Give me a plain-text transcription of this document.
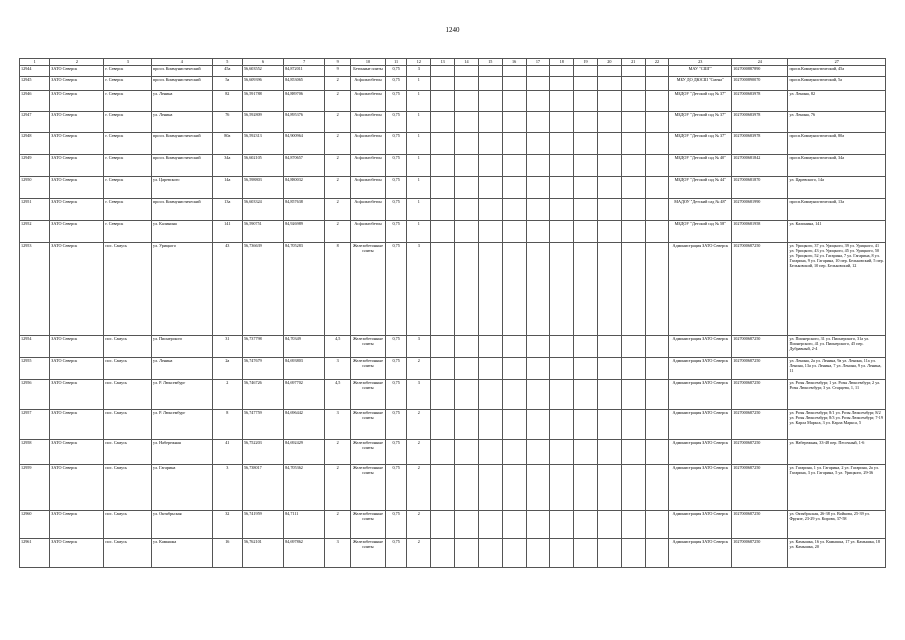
1240
1	2	3	4	5	6	7	9	10	11	12	13	14	15	16	17	18	19	20	21	22	23	24	27
12944	ЗАТО Северск	г. Северск	просп. Коммунистический	45а	56,603552	84,872011	9	Бетонные плиты	0,75	3											МАУ "СШГ"	1027000887890	просп.Коммунистический, 45а
12945	ЗАТО Северск	г. Северск	просп. Коммунистический	5а	56,609396	84,853065	2	Асфальтобетон	0,75	1											МБУ ДО ДЮСШ "Смена"	1027000890070	просп.Коммунистический, 5а
12946	ЗАТО Северск	г. Северск	ул. Ленина	82	56,591788	84,889706	2	Асфальтобетон	0,75	1											МБДОУ "Детский сад № 37"	1027000683978	ул. Ленина, 82
12947	ЗАТО Северск	г. Северск	ул. Ленина	76	56,592809	84,895376	2	Асфальтобетон	0,75	1											МБДОУ "Детский сад № 37"	1027000683978	ул. Ленина, 76
12948	ЗАТО Северск	г. Северск	просп. Коммунистический	80а	56,592313	84,900964	2	Асфальтобетон	0,75	1											МБДОУ "Детский сад № 37"	1027000683978	просп.Коммунистический, 80а
12949	ЗАТО Северск	г. Северск	просп. Коммунистический	34а	56,602105	84,870657	2	Асфальтобетон	0,75	1											МБДОУ "Детский сад № 40"	1027000681842	просп.Коммунистический, 34а
12950	ЗАТО Северск	г. Северск	ул. Царевского	14а	56,598803	84,880032	2	Асфальтобетон	0,75	1											МБДОУ "Детский сад № 44"	1027000681870	ул. Царевского, 14а
12951	ЗАТО Северск	г. Северск	просп. Коммунистический	13а	56,603324	84,857638	2	Асфальтобетон	0,75	1											МАДОУ "Детский сад № 48"	1027000681990	просп.Коммунистический, 13а
12952	ЗАТО Северск	г. Северск	ул. Калинина	141	56,590751	84,926989	2	Асфальтобетон	0,75	1											МБДОУ "Детский сад № 58"	1027000681958	ул. Калинина, 141
12953	ЗАТО Северск	пос. Самусь	ул. Урицкого	43	56,736639	84,705283	8	Железобетонные плиты	0,75	3											Администрация ЗАТО Северск	1027000687250	ул. Урицкого, 37 ул. Урицкого, 39 ул. Урицкого, 41 ул. Урицкого, 43 ул. Урицкого, 45 ул. Урицкого, 50 ул. Урицкого, 52 ул. Гагарина, 7 ул. Гагарина, 8 ул. Гагарина, 9 ул. Гагарина, 10 пер. Бельковский, 5 пер. Бельковский, 10 пер. Бельковский, 12
12954	ЗАТО Северск	пос. Самусь	ул. Пионерского	31	56,737798	84,70349	4,5	Железобетонные плиты	0,75	3											Администрация ЗАТО Северск	1027000687250	ул. Пионерского, 31 ул. Пионерского, 31а ул. Пионерского, 41 ул. Пионерского, 45 пер. Дубравный, 2-4
12955	ЗАТО Северск	пос. Самусь	ул. Ленина	2а	56,747679	84,693803	3	Железобетонные плиты	0,75	2											Администрация ЗАТО Северск	1027000687250	ул. Ленина, 2а ул. Ленина, 9а ул. Ленина, 11а ул. Ленина, 13а ул. Ленина, 7 ул. Ленина, 9 ул. Ленина, 11
12956	ЗАТО Северск	пос. Самусь	ул. Р. Люксембург	2	56,746726	84,697702	4,5	Железобетонные плиты	0,75	3											Администрация ЗАТО Северск	1027000687250	ул. Розы Люксембург, 1 ул. Розы Люксембург, 2 ул. Розы Люксембург, 3 ул. Старцева, 1, 11
12957	ЗАТО Северск	пос. Самусь	ул. Р. Люксембург	8	56,747759	84,696442	3	Железобетонные плиты	0,75	2											Администрация ЗАТО Северск	1027000687250	ул. Розы Люксембург, 8/1 ул. Розы Люксембург, 8/2 ул. Розы Люксембург, 8/3 ул. Розы Люксембург, 7-19 ул. Карла Маркса, 3 ул. Карла Маркса, 5
12958	ЗАТО Северск	пос. Самусь	ул. Набережная	41	56,752203	84,692429	2	Железобетонные плиты	0,75	2											Администрация ЗАТО Северск	1027000687250	ул. Набережная, 33-48 пер. Песочный, 1-6
12959	ЗАТО Северск	пос. Самусь	ул. Гагарина	3	56,738017	84,705362	2	Железобетонные плиты	0,75	2											Администрация ЗАТО Северск	1027000687250	ул. Гагарина, 1 ул. Гагарина, 2 ул. Гагарина, 2а ул. Гагарина, 3 ул. Гагарина, 5 ул. Урицкого, 29-36
12960	ЗАТО Северск	пос. Самусь	ул. Октябрьская	32	56,741959	84,7111	2	Железобетонные плиты	0,75	2											Администрация ЗАТО Северск	1027000687250	ул. Октябрьская, 26-38 ул. Войкова, 25-39 ул. Фрунзе, 23-29 ул. Кирова, 37-58
12961	ЗАТО Северск	пос. Самусь	ул. Камышка	16	56,762101	84,697862	3	Железобетонные плиты	0,75	2											Администрация ЗАТО Северск	1027000687250	ул. Камышка, 16 ул. Камышка, 17 ул. Камышка, 18 ул. Камышка, 20
